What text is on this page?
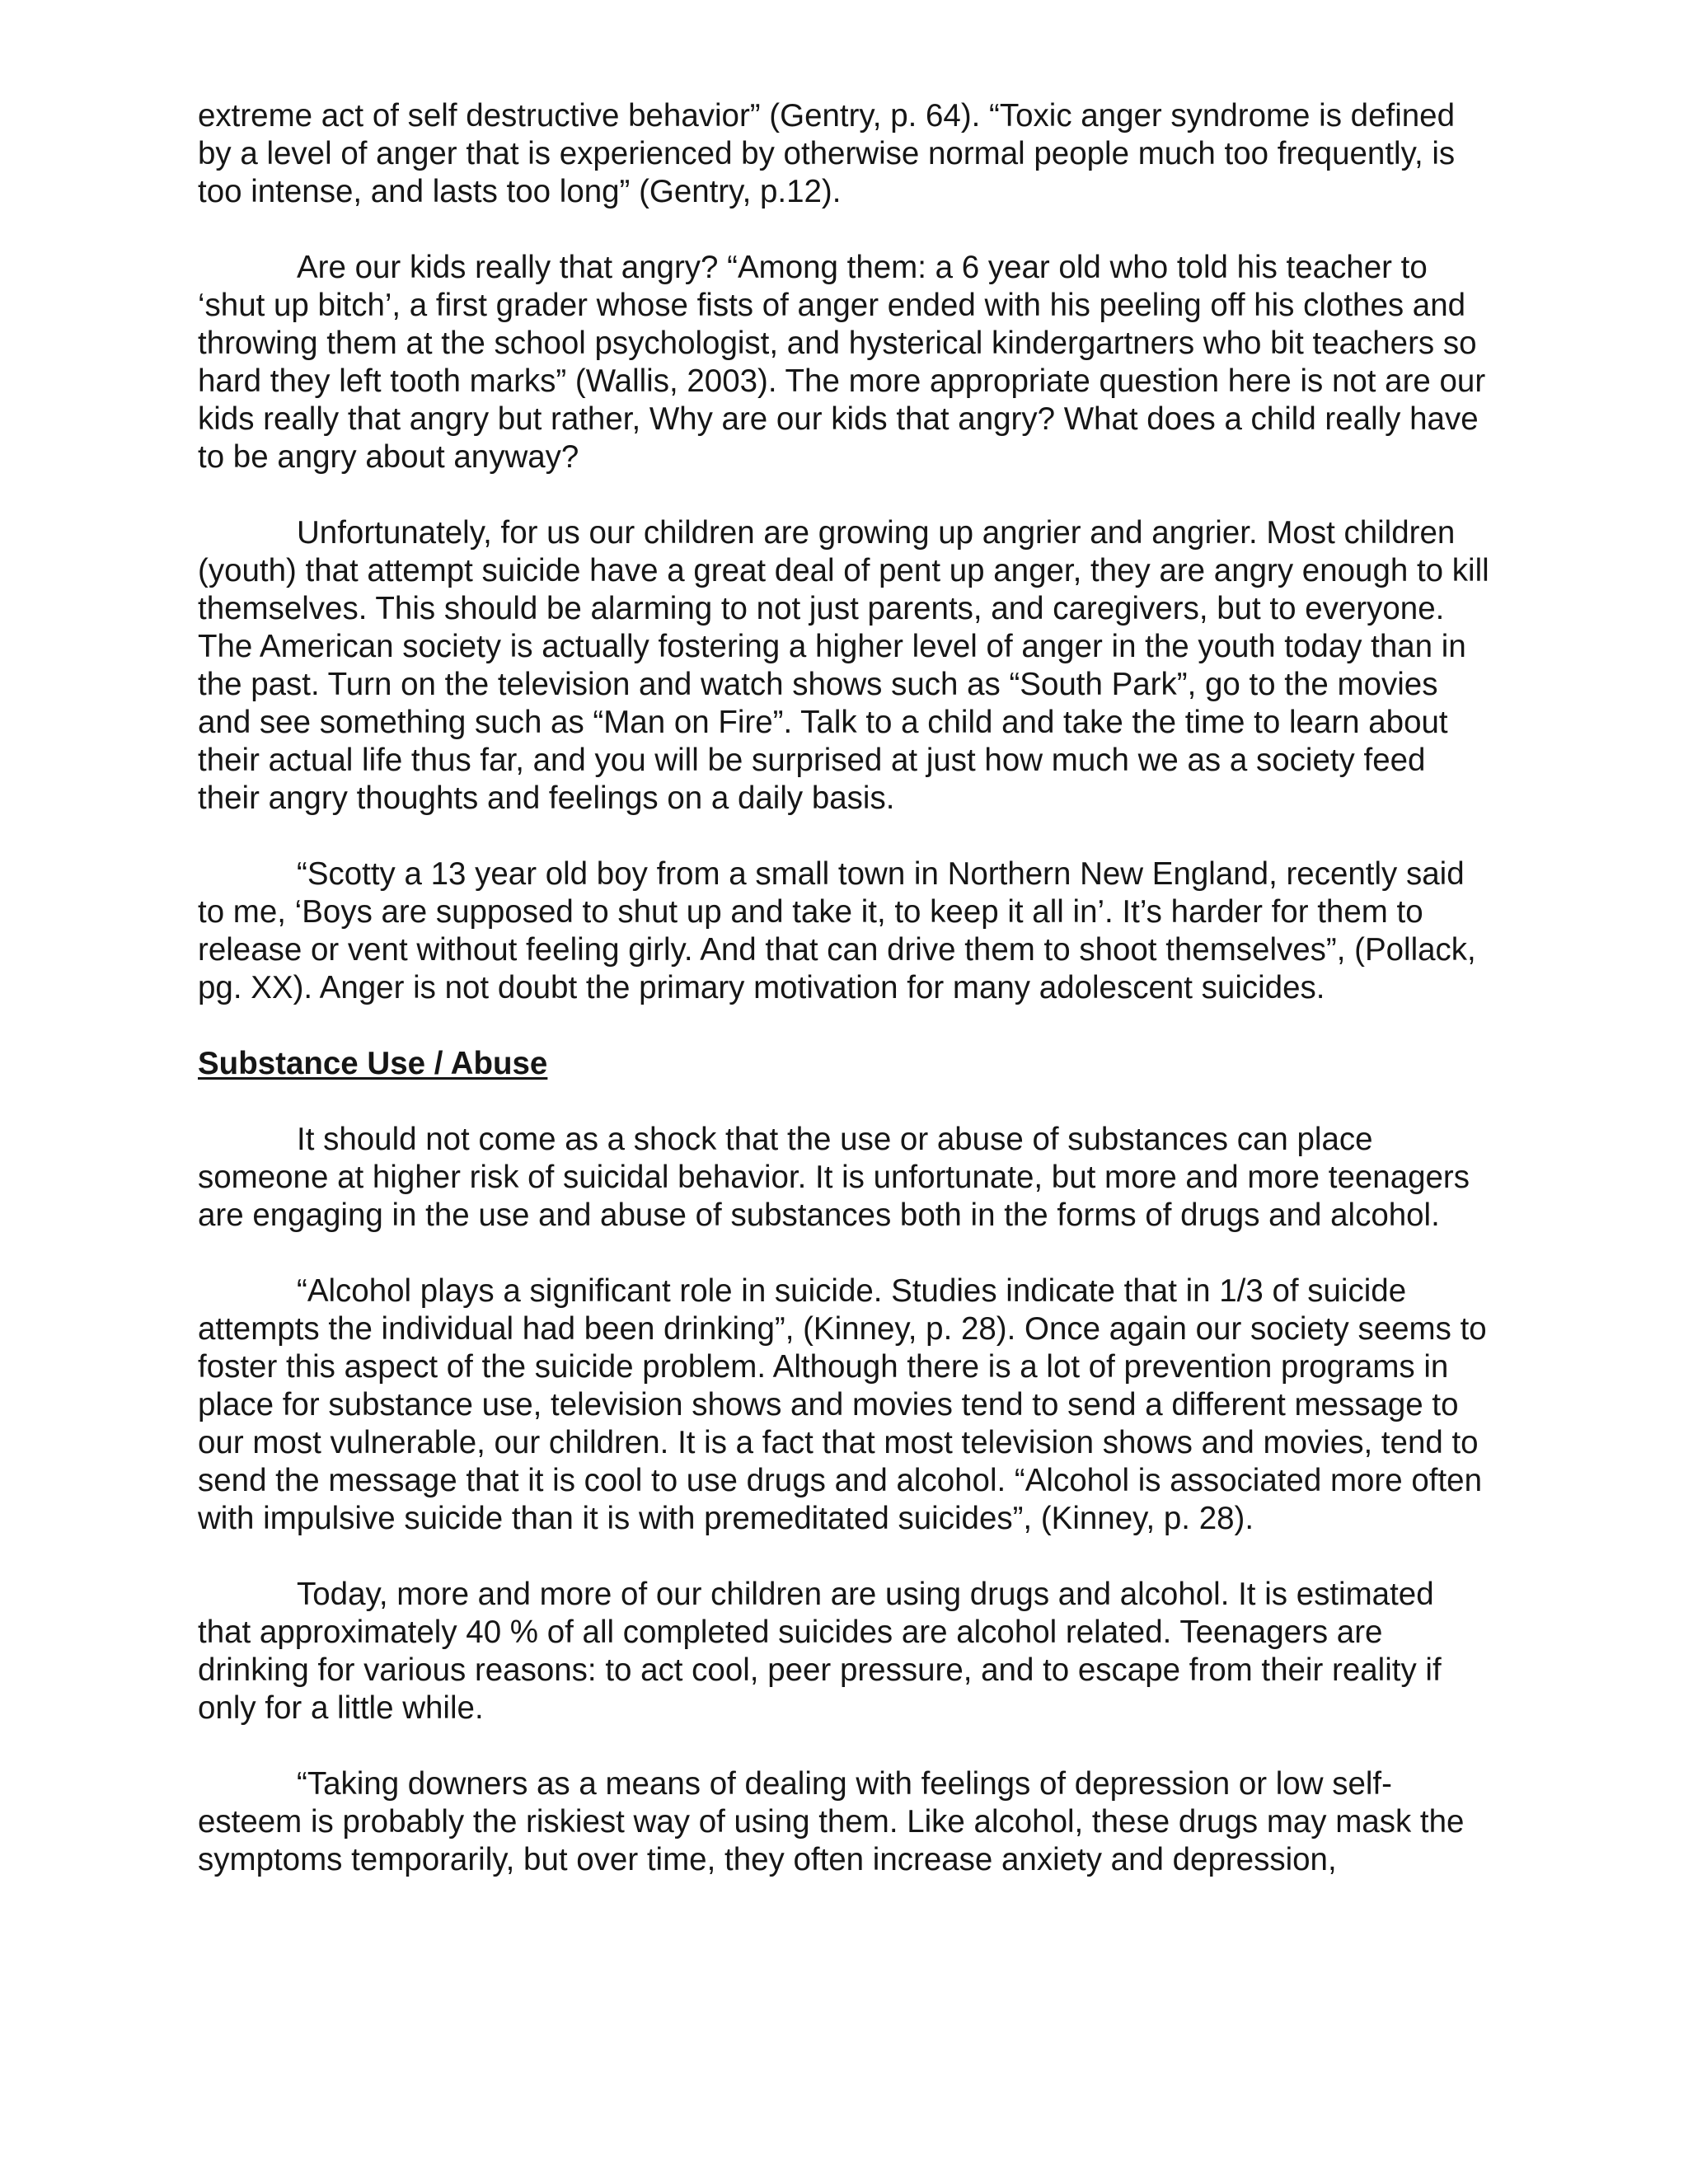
extreme act of self destructive behavior” (Gentry, p. 64). “Toxic anger syndrome is defined by a level of anger that is experienced by otherwise normal people much too frequently, is too intense, and lasts too long” (Gentry, p.12).

Are our kids really that angry? “Among them: a 6 year old who told his teacher to ‘shut up bitch’, a first grader whose fists of anger ended with his peeling off his clothes and throwing them at the school psychologist, and hysterical kindergartners who bit teachers so hard they left tooth marks” (Wallis, 2003). The more appropriate question here is not are our kids really that angry but rather, Why are our kids that angry? What does a child really have to be angry about anyway?

Unfortunately, for us our children are growing up angrier and angrier. Most children (youth) that attempt suicide have a great deal of pent up anger, they are angry enough to kill themselves. This should be alarming to not just parents, and caregivers, but to everyone. The American society is actually fostering a higher level of anger in the youth today than in the past. Turn on the television and watch shows such as “South Park”, go to the movies and see something such as “Man on Fire”. Talk to a child and take the time to learn about their actual life thus far, and you will be surprised at just how much we as a society feed their angry thoughts and feelings on a daily basis.

“Scotty a 13 year old boy from a small town in Northern New England, recently said to me, ‘Boys are supposed to shut up and take it, to keep it all in’. It’s harder for them to release or vent without feeling girly. And that can drive them to shoot themselves”, (Pollack, pg. XX). Anger is not doubt the primary motivation for many adolescent suicides.

Substance Use / Abuse

It should not come as a shock that the use or abuse of substances can place someone at higher risk of suicidal behavior. It is unfortunate, but more and more teenagers are engaging in the use and abuse of substances both in the forms of drugs and alcohol.

“Alcohol plays a significant role in suicide. Studies indicate that in 1/3 of suicide attempts the individual had been drinking”, (Kinney, p. 28). Once again our society seems to foster this aspect of the suicide problem. Although there is a lot of prevention programs in place for substance use, television shows and movies tend to send a different message to our most vulnerable, our children. It is a fact that most television shows and movies, tend to send the message that it is cool to use drugs and alcohol. “Alcohol is associated more often with impulsive suicide than it is with premeditated suicides”, (Kinney, p. 28).

Today, more and more of our children are using drugs and alcohol. It is estimated that approximately 40 % of all completed suicides are alcohol related. Teenagers are drinking for various reasons: to act cool, peer pressure, and to escape from their reality if only for a little while.

“Taking downers as a means of dealing with feelings of depression or low self-esteem is probably the riskiest way of using them. Like alcohol, these drugs may mask the symptoms temporarily, but over time, they often increase anxiety and depression,
